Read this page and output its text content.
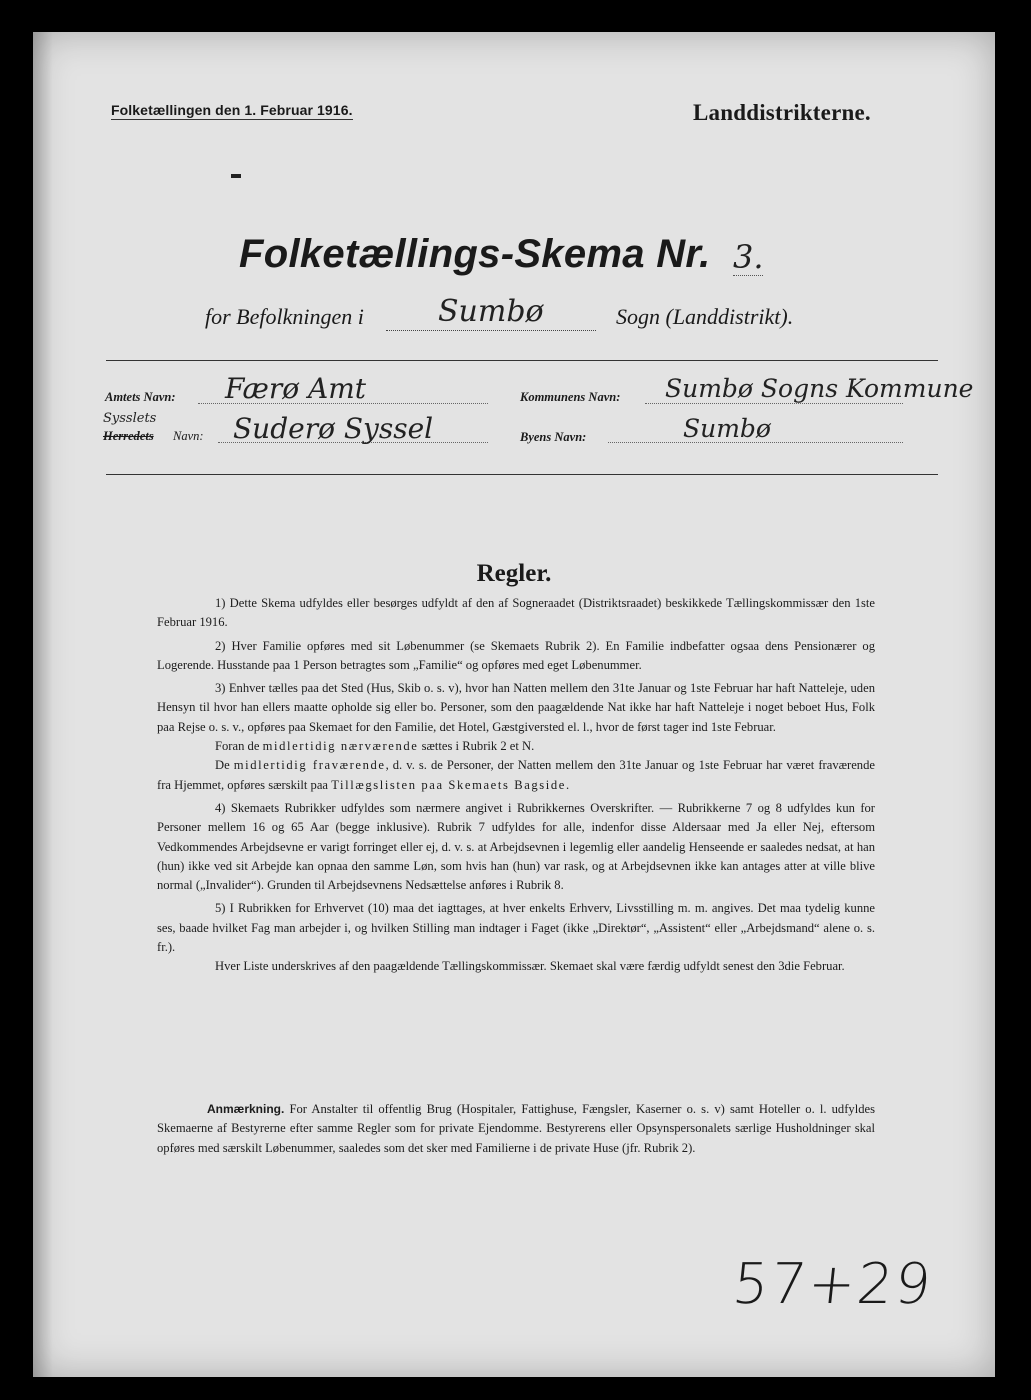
Folketællingen den 1. Februar 1916.	Landdistrikterne.
Folketællings-Skema Nr. 3.
for Befolkningen i Sumbø	Sogn (Landdistrikt).
Amtets Navn: Færø Amt	Kommunens Navn: Sumbø Sogns Kommune
Sysslets
Herredets Navn: Suderø Syssel	Byens Navn:	Sumbø
Regler.

1) Dette Skema udfyldes eller besørges udfyldt af den af Sogneraadet (Distriktsraadet) beskikkede Tællingskommissær den 1ste Februar 1916.

2) Hver Familie opføres med sit Løbenummer (se Skemaets Rubrik 2). En Familie indbefatter ogsaa dens Pensionærer og Logerende. Husstande paa 1 Person betragtes som „Familie“ og opføres med eget Løbenummer.

3) Enhver tælles paa det Sted (Hus, Skib o. s. v), hvor han Natten mellem den 31te Januar og 1ste Februar har haft Natteleje, uden Hensyn til hvor han ellers maatte opholde sig eller bo. Personer, som den paagældende Nat ikke har haft Natteleje i noget beboet Hus, Folk paa Rejse o. s. v., opføres paa Skemaet for den Familie, det Hotel, Gæstgiversted el. l., hvor de først tager ind 1ste Februar.

Foran de midlertidig nærværende sættes i Rubrik 2 et N.

De midlertidig fraværende, d. v. s. de Personer, der Natten mellem den 31te Januar og 1ste Februar har været fraværende fra Hjemmet, opføres særskilt paa Tillægslisten paa Skemaets Bagside.

4) Skemaets Rubrikker udfyldes som nærmere angivet i Rubrikkernes Overskrifter. — Rubrikkerne 7 og 8 udfyldes kun for Personer mellem 16 og 65 Aar (begge inklusive). Rubrik 7 udfyldes for alle, indenfor disse Aldersaar med Ja eller Nej, eftersom Vedkommendes Arbejdsevne er varigt forringet eller ej, d. v. s. at Arbejdsevnen i legemlig eller aandelig Henseende er saaledes nedsat, at han (hun) ikke ved sit Arbejde kan opnaa den samme Løn, som hvis han (hun) var rask, og at Arbejdsevnen ikke kan antages atter at ville blive normal („Invalider“). Grunden til Arbejdsevnens Nedsættelse anføres i Rubrik 8.

5) I Rubrikken for Erhvervet (10) maa det iagttages, at hver enkelts Erhverv, Livsstilling m. m. angives. Det maa tydelig kunne ses, baade hvilket Fag man arbejder i, og hvilken Stilling man indtager i Faget (ikke „Direktør“, „Assistent“ eller „Arbejdsmand“ alene o. s. fr.).

Hver Liste underskrives af den paagældende Tællingskommissær. Skemaet skal være færdig udfyldt senest den 3die Februar.

Anmærkning. For Anstalter til offentlig Brug (Hospitaler, Fattighuse, Fængsler, Kaserner o. s. v) samt Hoteller o. l. udfyldes Skemaerne af Bestyrerne efter samme Regler som for private Ejendomme. Bestyrerens eller Opsynspersonalets særlige Husholdninger skal opføres med særskilt Løbenummer, saaledes som det sker med Familierne i de private Huse (jfr. Rubrik 2).

57+29
